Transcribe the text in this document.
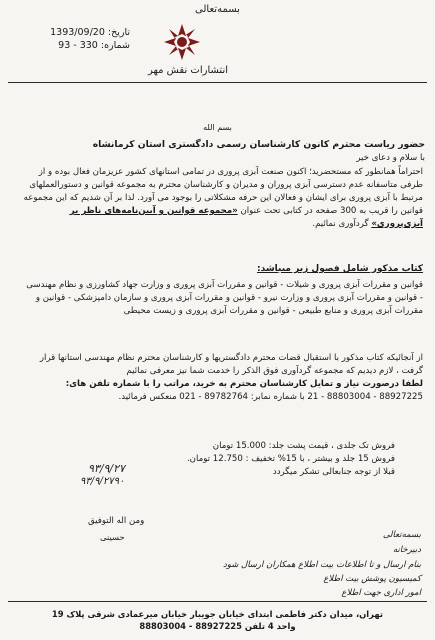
بسمه‌تعالی
تاریخ: 1393/09/20
شماره: 330 - 93
انتشارات نقش مهر
بسم الله
حضور ریاست محترم کانون کارشناسان رسمی دادگستری استان کرمانشاه
با سلام و دعای خیر
احتراماً همانطور که مستحضرید؛ اکنون صنعت آبزی پروری در تمامی استانهای کشور عزیزمان فعال بوده و از طرفی متاسفانه عدم دسترسی آبزی پروران و مدیران و کارشناسان محترم به مجموعه قوانین و دستورالعملهای مرتبط با آبزی پروری برای ایشان و فعالان این حرفه مشکلاتی را بوجود می آورد. لذا بر آن شدیم که این مجموعه قوانین را قریب به 300 صفحه در کتابی تحت عنوان «مجموعه قوانین و آیین‌نامه‌های ناظر بر آبزی‌پروری» گردآوری نمائیم.
کتاب مذکور شامل فصول زیر میباشد:
قوانین و مقررات آبزی پروری و شیلات - قوانین و مقررات آبزی پروری و وزارت جهاد کشاورزی و نظام مهندسی - قوانین و مقررات آبزی پروری و وزارت نیرو - قوانین و مقررات آبزی پروری و سازمان دامپزشکی - قوانین و مقررات آبزی پروری و منابع طبیعی - قوانین و مقررات آبزی پروری و زیست محیطی
از آنجائیکه کتاب مذکور با استقبال قضات محترم دادگستریها و کارشناسان محترم نظام مهندسی استانها قرار گرفت ، لازم دیدیم که مجموعه گردآوری فوق الذکر را خدمت شما نیز معرفی نمائیم
لطفا درصورت نیاز و تمایل کارشناسان محترم به خرید، مراتب را با شماره تلفن های:
88927225 - 88803004 - 21 با شماره نمابر: 89782764 - 021 منعکس فرمائید.
فروش تک جلدی ، قیمت پشت جلد: 15.000 تومان
فروش 15 جلد و بیشتر ، با 15% تخفیف : 12.750 تومان.
قبلا از توجه جنابعالی تشکر میگردد
۹۳/۹/۲۷
۹۳/۹/۲۷۹۰
ومن اله التوفیق
حسینی	بسمه‌تعالی
دبیرخانه
بنام ارسال و تا اطلاعات بیت اطلاع همکاران ارسال شود
کمیسیون پوشش بیت اطلاع
امور اداری جهت اطلاع
تهران، میدان دکتر فاطمی ابتدای خیابان جویبار خیابان میرعمادی شرقی پلاک 19
واحد 4 تلفن 88927225 - 88803004
